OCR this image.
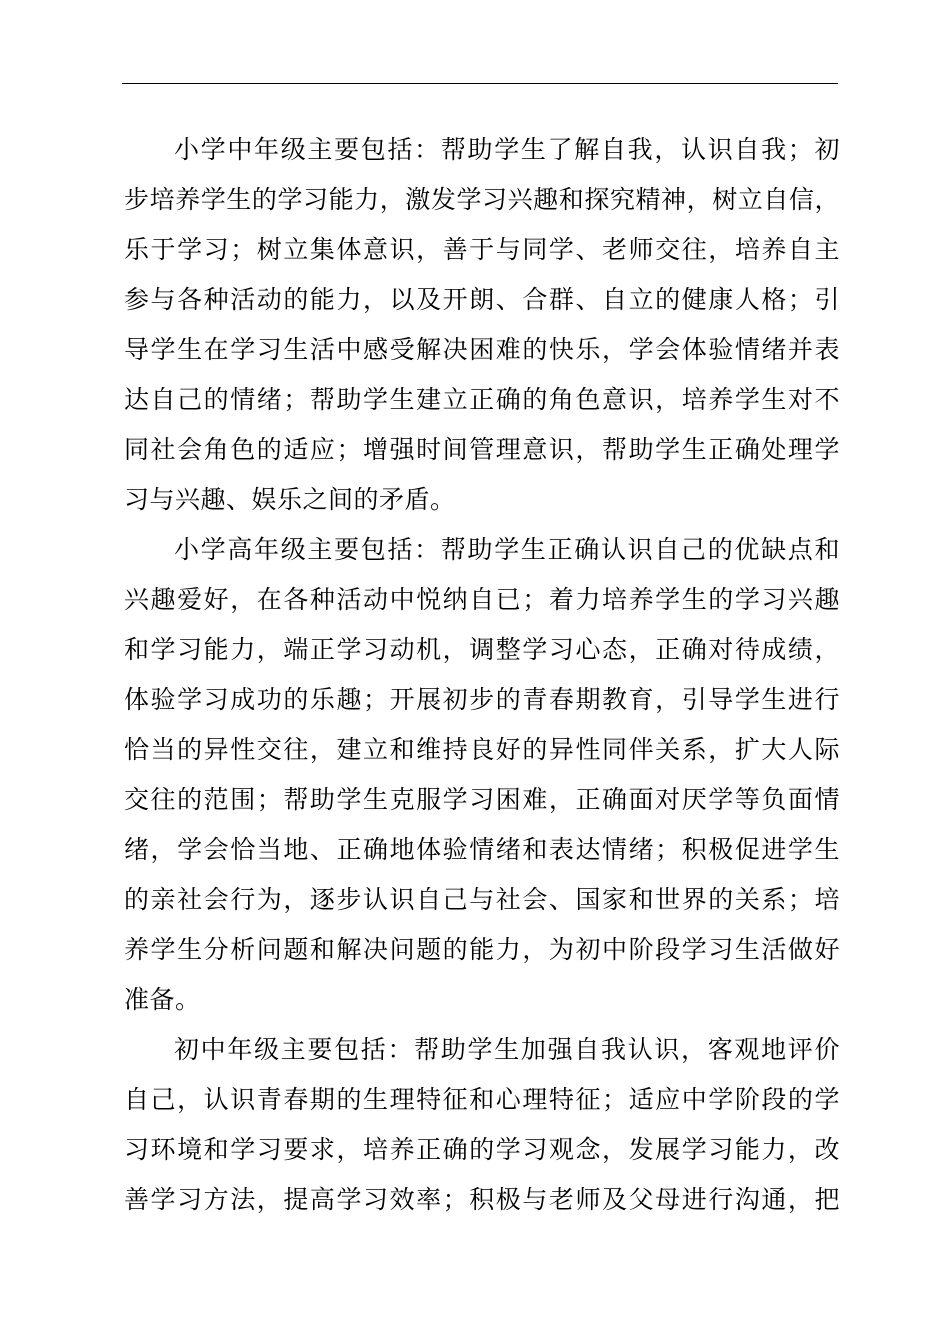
小学中年级主要包括：帮助学生了解自我，认识自我；初
步培养学生的学习能力，激发学习兴趣和探究精神，树立自信，
乐于学习；树立集体意识，善于与同学、老师交往，培养自主
参与各种活动的能力，以及开朗、合群、自立的健康人格；引
导学生在学习生活中感受解决困难的快乐，学会体验情绪并表
达自己的情绪；帮助学生建立正确的角色意识，培养学生对不
同社会角色的适应；增强时间管理意识，帮助学生正确处理学
习与兴趣、娱乐之间的矛盾。
小学高年级主要包括：帮助学生正确认识自己的优缺点和
兴趣爱好，在各种活动中悦纳自已；着力培养学生的学习兴趣
和学习能力，端正学习动机，调整学习心态，正确对待成绩，
体验学习成功的乐趣；开展初步的青春期教育，引导学生进行
恰当的异性交往，建立和维持良好的异性同伴关系，扩大人际
交往的范围；帮助学生克服学习困难，正确面对厌学等负面情
绪，学会恰当地、正确地体验情绪和表达情绪；积极促进学生
的亲社会行为，逐步认识自己与社会、国家和世界的关系；培
养学生分析问题和解决问题的能力，为初中阶段学习生活做好
准备。
初中年级主要包括：帮助学生加强自我认识，客观地评价
自己，认识青春期的生理特征和心理特征；适应中学阶段的学
习环境和学习要求，培养正确的学习观念，发展学习能力，改
善学习方法，提高学习效率；积极与老师及父母进行沟通，把
